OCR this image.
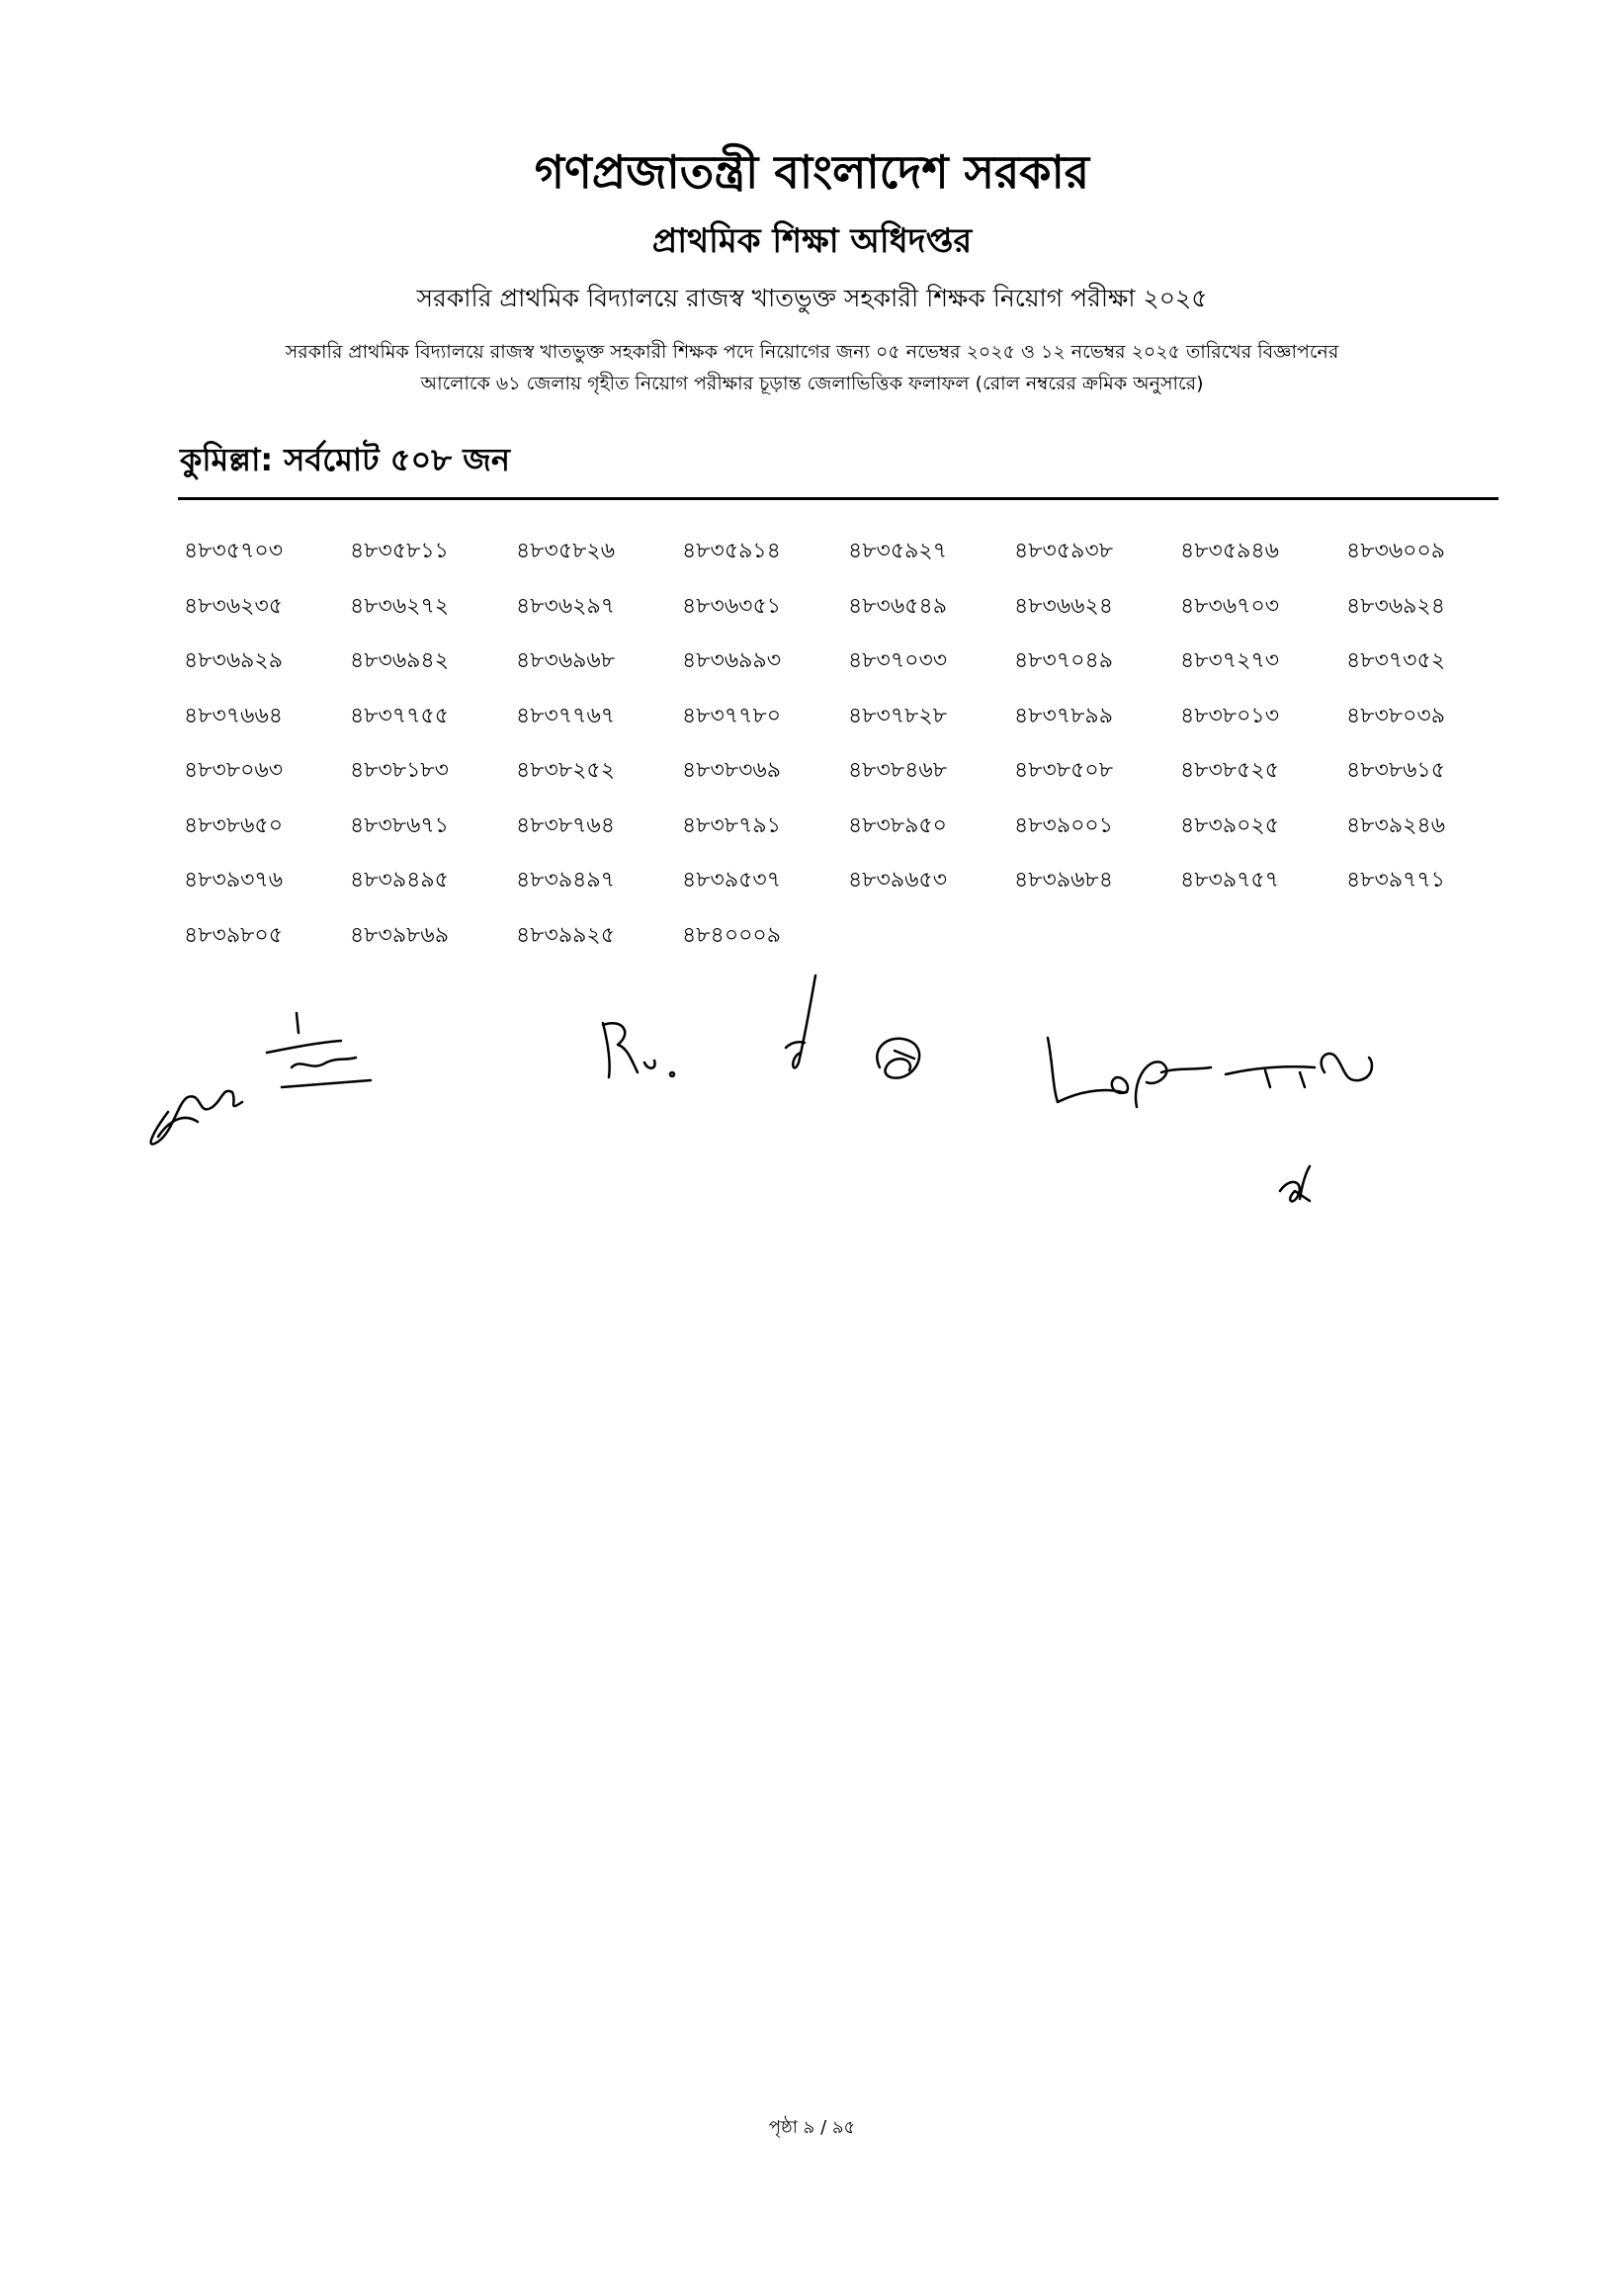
গণপ্রজাতন্ত্রী বাংলাদেশ সরকার
প্রাথমিক শিক্ষা অধিদপ্তর
সরকারি প্রাথমিক বিদ্যালয়ে রাজস্ব খাতভুক্ত সহকারী শিক্ষক নিয়োগ পরীক্ষা ২০২৫
সরকারি প্রাথমিক বিদ্যালয়ে রাজস্ব খাতভুক্ত সহকারী শিক্ষক পদে নিয়োগের জন্য ০৫ নভেম্বর ২০২৫ ও ১২ নভেম্বর ২০২৫ তারিখের বিজ্ঞাপনের
আলোকে ৬১ জেলায় গৃহীত নিয়োগ পরীক্ষার চূড়ান্ত জেলাভিত্তিক ফলাফল (রোল নম্বরের ক্রমিক অনুসারে)
কুমিল্লা: সর্বমোট ৫০৮ জন
৪৮৩৫৭০৩	৪৮৩৫৮১১	৪৮৩৫৮২৬	৪৮৩৫৯১৪	৪৮৩৫৯২৭	৪৮৩৫৯৩৮	৪৮৩৫৯৪৬	৪৮৩৬০০৯
৪৮৩৬২৩৫	৪৮৩৬২৭২	৪৮৩৬২৯৭	৪৮৩৬৩৫১	৪৮৩৬৫৪৯	৪৮৩৬৬২৪	৪৮৩৬৭০৩	৪৮৩৬৯২৪
৪৮৩৬৯২৯	৪৮৩৬৯৪২	৪৮৩৬৯৬৮	৪৮৩৬৯৯৩	৪৮৩৭০৩৩	৪৮৩৭০৪৯	৪৮৩৭২৭৩	৪৮৩৭৩৫২
৪৮৩৭৬৬৪	৪৮৩৭৭৫৫	৪৮৩৭৭৬৭	৪৮৩৭৭৮০	৪৮৩৭৮২৮	৪৮৩৭৮৯৯	৪৮৩৮০১৩	৪৮৩৮০৩৯
৪৮৩৮০৬৩	৪৮৩৮১৮৩	৪৮৩৮২৫২	৪৮৩৮৩৬৯	৪৮৩৮৪৬৮	৪৮৩৮৫০৮	৪৮৩৮৫২৫	৪৮৩৮৬১৫
৪৮৩৮৬৫০	৪৮৩৮৬৭১	৪৮৩৮৭৬৪	৪৮৩৮৭৯১	৪৮৩৮৯৫০	৪৮৩৯০০১	৪৮৩৯০২৫	৪৮৩৯২৪৬
৪৮৩৯৩৭৬	৪৮৩৯৪৯৫	৪৮৩৯৪৯৭	৪৮৩৯৫৩৭	৪৮৩৯৬৫৩	৪৮৩৯৬৮৪	৪৮৩৯৭৫৭	৪৮৩৯৭৭১
৪৮৩৯৮০৫	৪৮৩৯৮৬৯	৪৮৩৯৯২৫	৪৮৪০০০৯
পৃষ্ঠা ৯ / ৯৫
